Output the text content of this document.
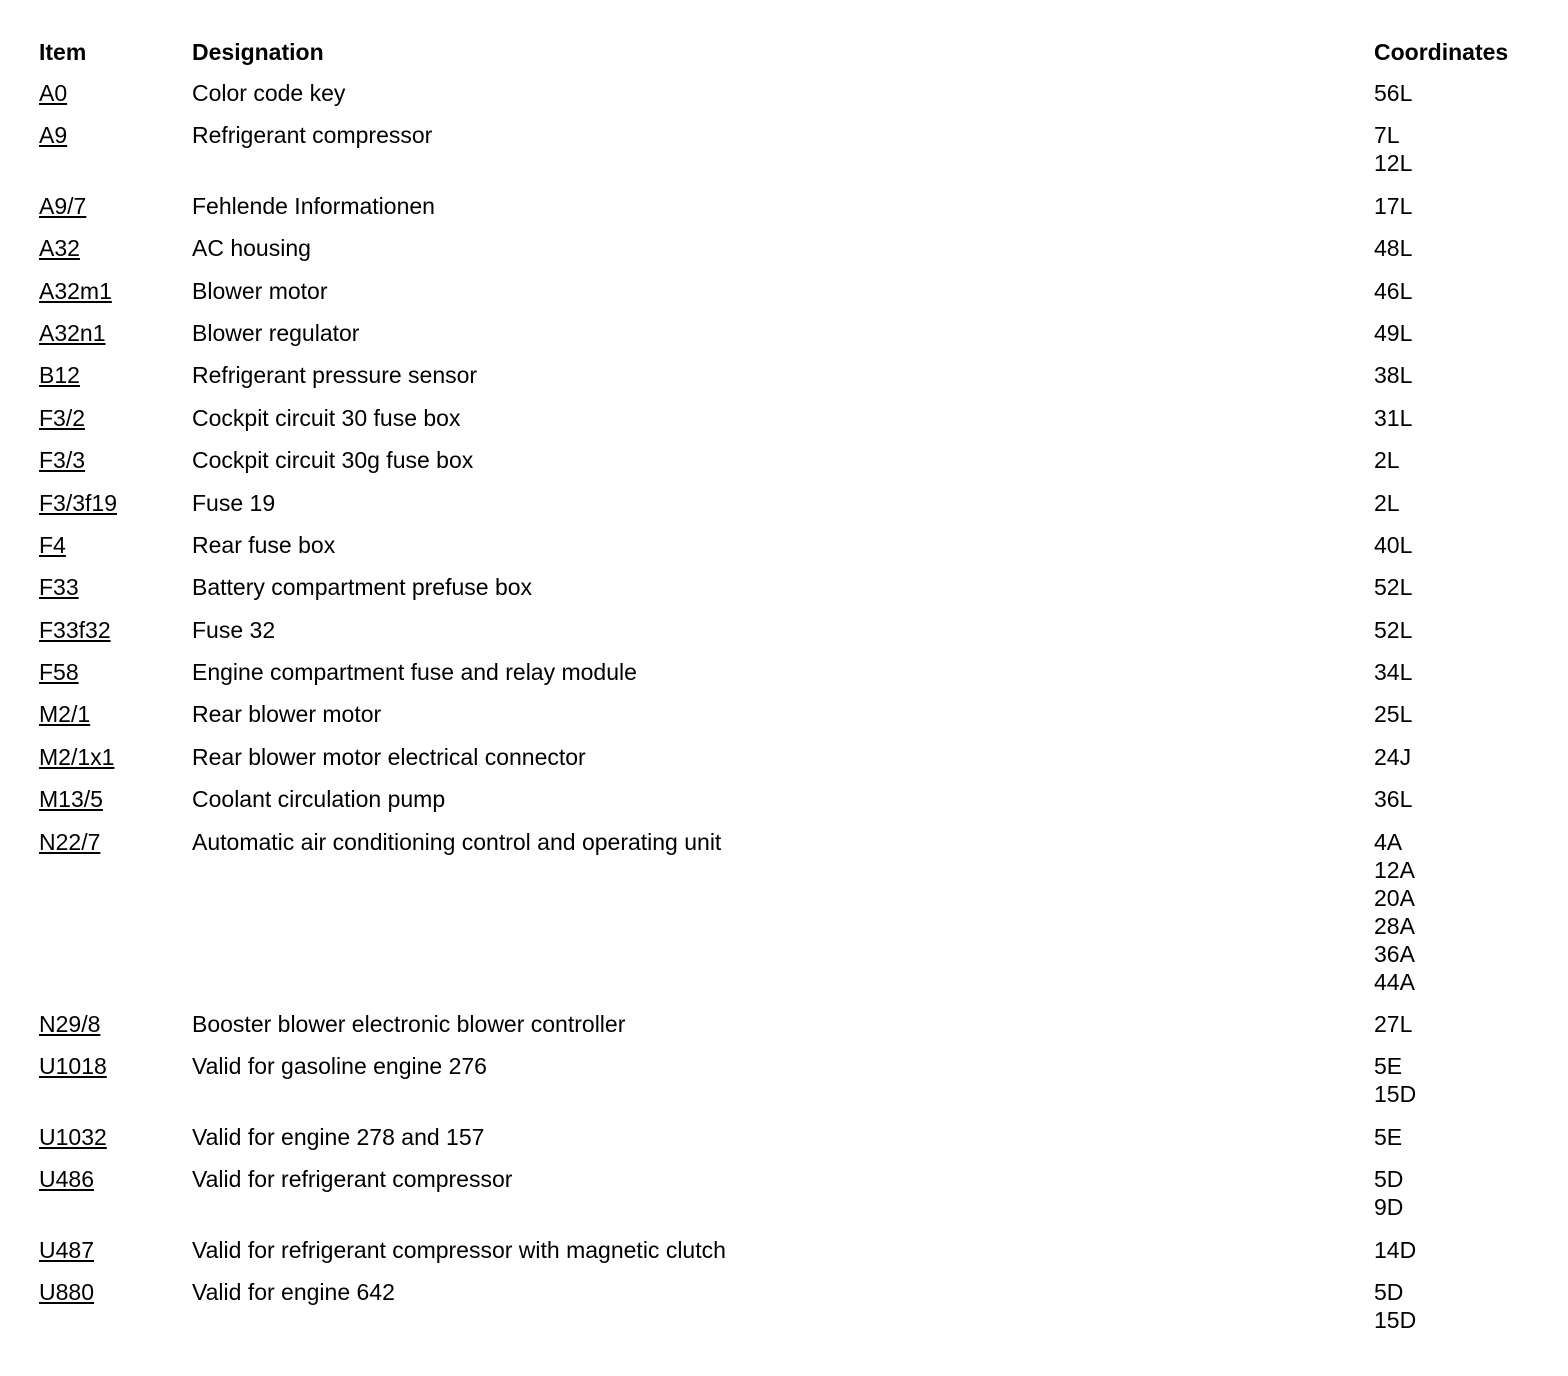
Item	Designation	Coordinates
A0	Color code key	56L
A9	Refrigerant compressor	7L
12L
A9/7	Fehlende Informationen	17L
A32	AC housing	48L
A32m1	Blower motor	46L
A32n1	Blower regulator	49L
B12	Refrigerant pressure sensor	38L
F3/2	Cockpit circuit 30 fuse box	31L
F3/3	Cockpit circuit 30g fuse box	2L
F3/3f19	Fuse 19	2L
F4	Rear fuse box	40L
F33	Battery compartment prefuse box	52L
F33f32	Fuse 32	52L
F58	Engine compartment fuse and relay module	34L
M2/1	Rear blower motor	25L
M2/1x1	Rear blower motor electrical connector	24J
M13/5	Coolant circulation pump	36L
N22/7	Automatic air conditioning control and operating unit	4A
12A
20A
28A
36A
44A
N29/8	Booster blower electronic blower controller	27L
U1018	Valid for gasoline engine 276	5E
15D
U1032	Valid for engine 278 and 157	5E
U486	Valid for refrigerant compressor	5D
9D
U487	Valid for refrigerant compressor with magnetic clutch	14D
U880	Valid for engine 642	5D
15D
